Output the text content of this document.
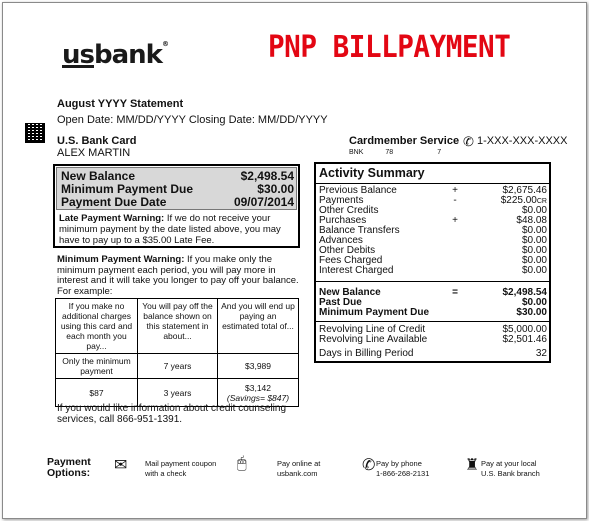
usbank®	PNP BILLPAYMENT
August YYYY Statement
Open Date: MM/DD/YYYY Closing Date: MM/DD/YYYY
U.S. Bank Card
ALEX MARTIN
Cardmember Service ✆ 1-XXX-XXX-XXXX
BNK	78	7
New Balance	$2,498.54
Minimum Payment Due	$30.00
Payment Due Date	09/07/2014
Late Payment Warning: If we do not receive your minimum payment by the date listed above, you may have to pay up to a $35.00 Late Fee.
Minimum Payment Warning: If you make only the minimum payment each period, you will pay more in interest and it will take you longer to pay off your balance. For example:
If you make no additional charges using this card and each month you pay...	You will pay off the balance shown on this statement in about...	And you will end up paying an estimated total of...
Only the minimum payment	7 years	$3,989
$87	3 years	$3,142
(Savings= $847)
If you would like information about credit counseling services, call 866-951-1391.
Activity Summary
Previous Balance	+	$2,675.46
Payments	-	$225.00CR
Other Credits	$0.00
Purchases	+	$48.08
Balance Transfers	$0.00
Advances	$0.00
Other Debits	$0.00
Fees Charged	$0.00
Interest Charged	$0.00
New Balance	=	$2,498.54
Past Due	$0.00
Minimum Payment Due	$30.00
Revolving Line of Credit	$5,000.00
Revolving Line Available	$2,501.46
Days in Billing Period	32
Payment
Options: ✉ Mail payment coupon
with a check
🖱	Pay online at
usbank.com	✆ Pay by phone
1-866-268-2131 ♜ Pay at your local
U.S. Bank branch
